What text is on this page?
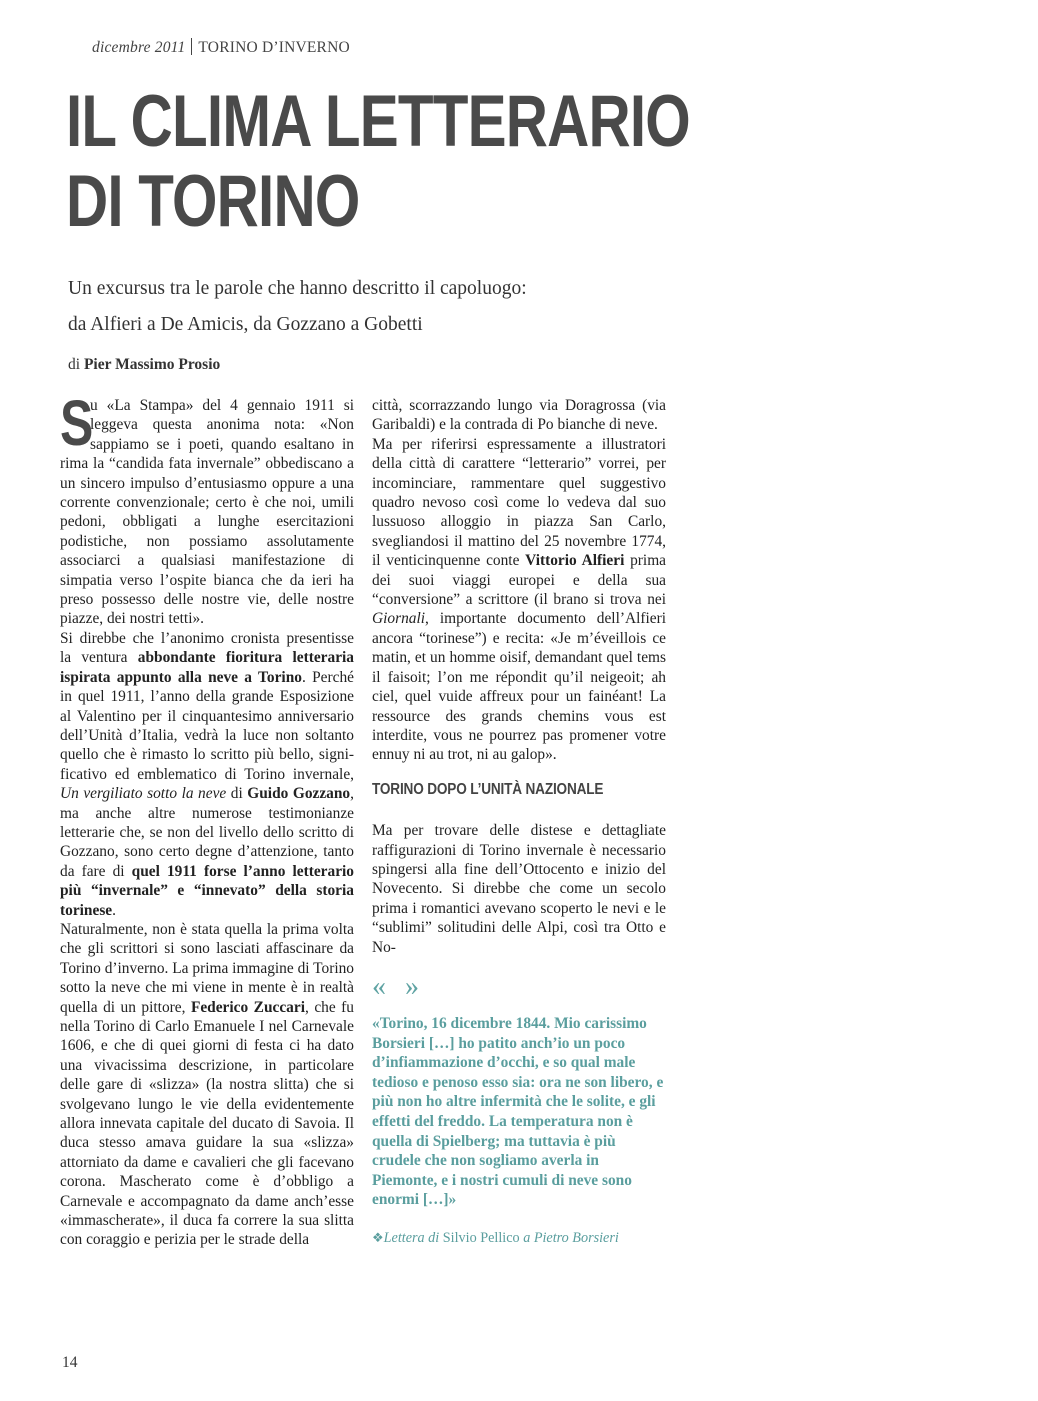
dicembre 2011 TORINO D’INVERNO
IL CLIMA LETTERARIO
DI TORINO
Un excursus tra le parole che hanno descritto il capoluogo:
da Alfieri a De Amicis, da Gozzano a Gobetti
di Pier Massimo Prosio

S
u «La Stampa» del 4 gennaio 1911 si leggeva questa anonima nota: «Non sappiamo se i poeti, quando esaltano in rima la “candida fata invernale” obbediscano a un sincero impulso d’entusiasmo oppure a una corrente convenzionale; certo è che noi, umili pedoni, obbligati a lunghe esercitazioni podistiche, non possiamo assolutamente associarci a qualsiasi manifestazione di simpatia verso l’ospite bianca che da ieri ha preso possesso delle nostre vie, delle nostre piazze, dei nostri tetti».

Si direbbe che l’anonimo cronista presentisse la ventura abbondante fioritura letteraria ispirata appunto alla neve a Torino. Perché in quel 1911, l’anno della grande Esposizione al Valentino per il cinquantesimo anniversario dell’Unità d’Italia, vedrà la luce non soltanto quello che è rimasto lo scritto più bello, significativo ed emblematico di Torino invernale, Un vergiliato sotto la neve di Guido Gozzano, ma anche altre numerose testimonianze letterarie che, se non del livello dello scritto di Gozzano, sono certo degne d’attenzione, tanto da fare di quel 1911 forse l’anno letterario più “invernale” e “innevato” della storia torinese.

Naturalmente, non è stata quella la prima volta che gli scrittori si sono lasciati affascinare da Torino d’inverno. La prima immagine di Torino sotto la neve che mi viene in mente è in realtà quella di un pittore, Federico Zuccari, che fu nella Torino di Carlo Emanuele I nel Carnevale 1606, e che di quei giorni di festa ci ha dato una vivacissima descrizione, in particolare delle gare di «slizza» (la nostra slitta) che si svolgevano lungo le vie della evidentemente allora innevata capitale del ducato di Savoia. Il duca stesso amava guidare la sua «slizza» attorniato da dame e cavalieri che gli facevano corona. Mascherato come è d’obbligo a Carnevale e accompagnato da dame anch’esse «immascherate», il duca fa correre la sua slitta con coraggio e perizia per le strade della

città, scorrazzando lungo via Doragrossa (via Garibaldi) e la contrada di Po bianche di neve.

Ma per riferirsi espressamente a illustratori della città di carattere “letterario” vorrei, per incominciare, rammentare quel suggestivo quadro nevoso così come lo vedeva dal suo lussuoso alloggio in piazza San Carlo, svegliandosi il mattino del 25 novembre 1774, il venticinquenne conte Vittorio Alfieri prima dei suoi viaggi europei e della sua “conversione” a scrittore (il brano si trova nei Giornali, importante documento dell’Alfieri ancora “torinese”) e recita: «Je m’éveillois ce matin, et un homme oisif, demandant quel tems il faisoit; l’on me répondit qu’il neigeoit; ah ciel, quel vuide affreux pour un fainéant! La ressource des grands chemins vous est interdite, vous ne pourrez pas promener votre ennuy ni au trot, ni au galop».

TORINO DOPO L’UNITÀ NAZIONALE

Ma per trovare delle distese e dettagliate raffigurazioni di Torino invernale è necessario spingersi alla fine dell’Ottocento e inizio del Novecento. Si direbbe che come un secolo prima i romantici avevano scoperto le nevi e le “sublimi” solitudini delle Alpi, così tra Otto e No-

« »
«Torino, 16 dicembre 1844. Mio carissimo Borsieri […] ho patito anch’io un poco d’infiammazione d’occhi, e so qual male tedioso e penoso esso sia: ora ne son libero, e più non ho altre infermità che le solite, e gli effetti del freddo. La temperatura non è quella di Spielberg; ma tuttavia è più crudele che non sogliamo averla in Piemonte, e i nostri cumuli di neve sono enormi […]»
❖Lettera di Silvio Pellico a Pietro Borsieri
14
